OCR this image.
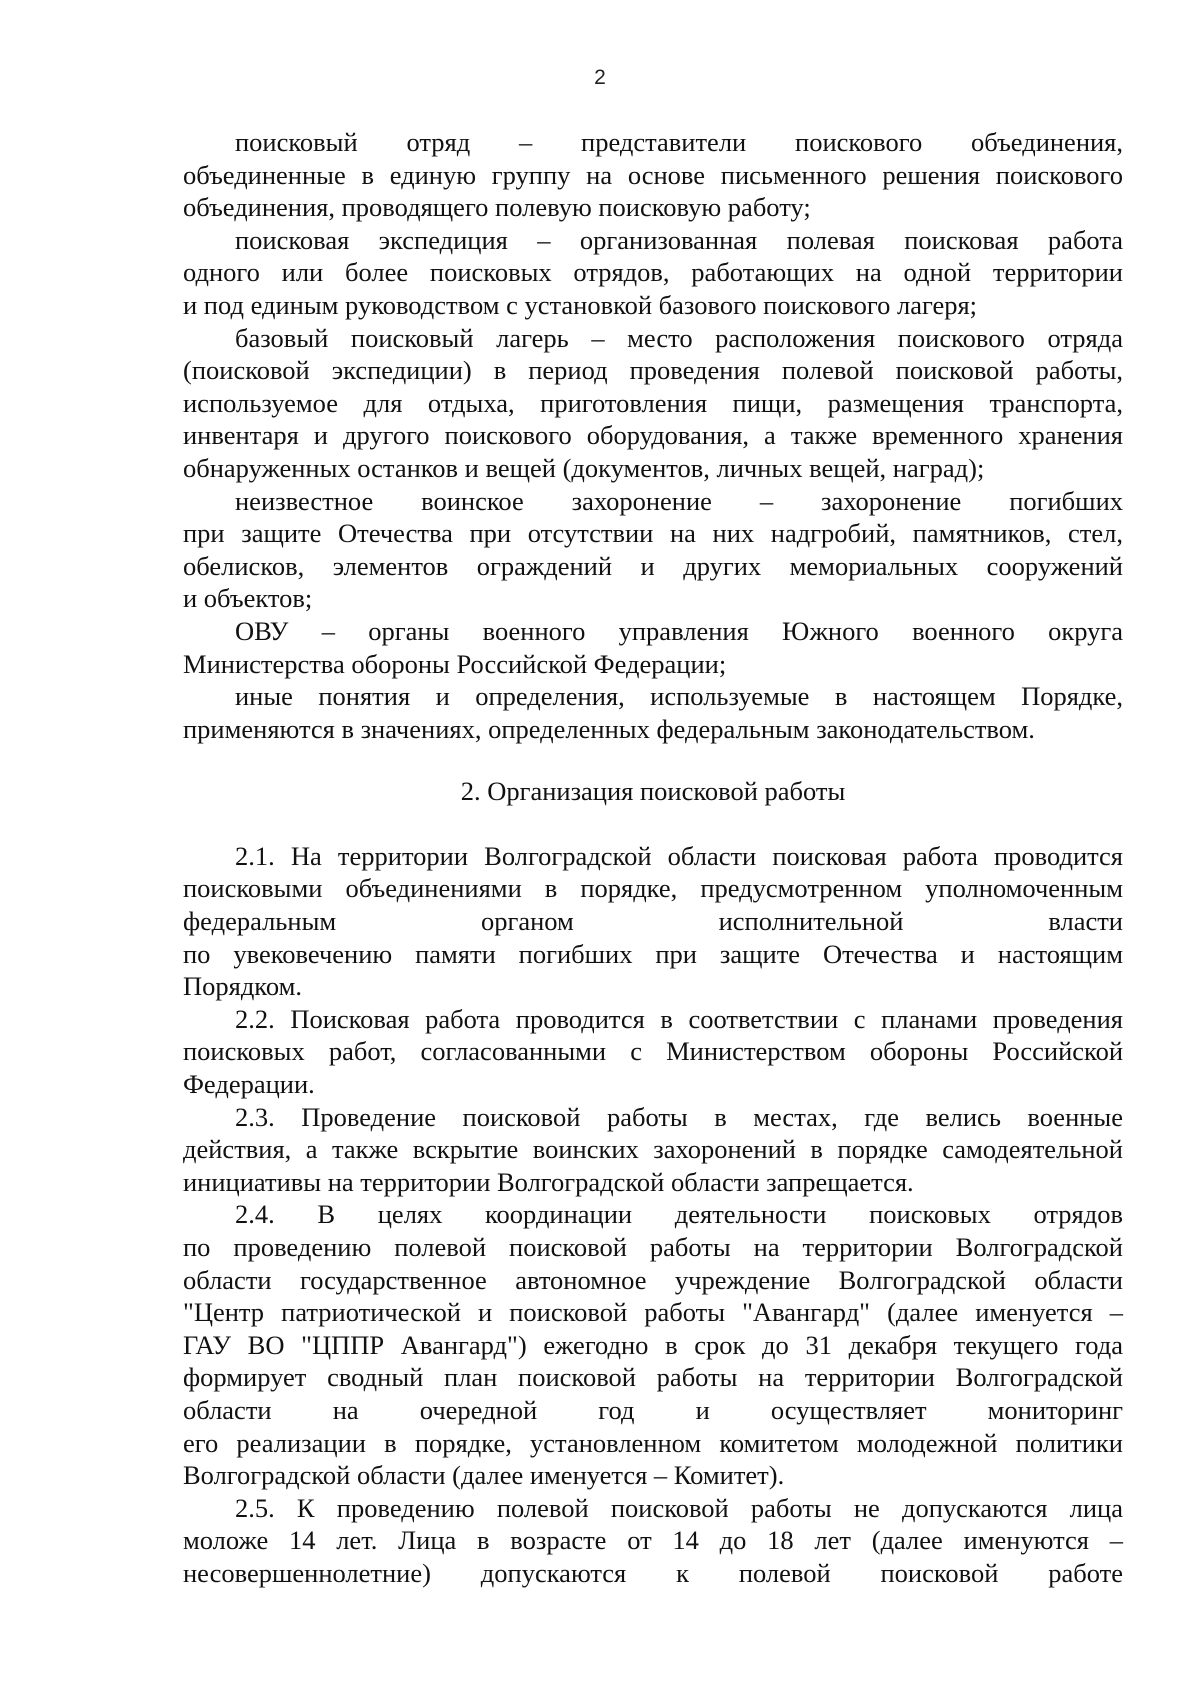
2
поисковый отряд – представители поискового объединения,
объединенные в единую группу на основе письменного решения поискового
объединения, проводящего полевую поисковую работу;
поисковая экспедиция – организованная полевая поисковая работа
одного или более поисковых отрядов, работающих на одной территории
и под единым руководством с установкой базового поискового лагеря;
базовый поисковый лагерь – место расположения поискового отряда
(поисковой экспедиции) в период проведения полевой поисковой работы,
используемое для отдыха, приготовления пищи, размещения транспорта,
инвентаря и другого поискового оборудования, а также временного хранения
обнаруженных останков и вещей (документов, личных вещей, наград);
неизвестное воинское захоронение – захоронение погибших
при защите Отечества при отсутствии на них надгробий, памятников, стел,
обелисков, элементов ограждений и других мемориальных сооружений
и объектов;
ОВУ – органы военного управления Южного военного округа
Министерства обороны Российской Федерации;
иные понятия и определения, используемые в настоящем Порядке,
применяются в значениях, определенных федеральным законодательством.
2. Организация поисковой работы
2.1. На территории Волгоградской области поисковая работа проводится
поисковыми объединениями в порядке, предусмотренном уполномоченным
федеральным органом исполнительной власти
по увековечению памяти погибших при защите Отечества и настоящим
Порядком.
2.2. Поисковая работа проводится в соответствии с планами проведения
поисковых работ, согласованными с Министерством обороны Российской
Федерации.
2.3. Проведение поисковой работы в местах, где велись военные
действия, а также вскрытие воинских захоронений в порядке самодеятельной
инициативы на территории Волгоградской области запрещается.
2.4. В целях координации деятельности поисковых отрядов
по проведению полевой поисковой работы на территории Волгоградской
области государственное автономное учреждение Волгоградской области
"Центр патриотической и поисковой работы "Авангард" (далее именуется –
ГАУ ВО "ЦППР Авангард") ежегодно в срок до 31 декабря текущего года
формирует сводный план поисковой работы на территории Волгоградской
области на очередной год и осуществляет мониторинг
его реализации в порядке, установленном комитетом молодежной политики
Волгоградской области (далее именуется – Комитет).
2.5. К проведению полевой поисковой работы не допускаются лица
моложе 14 лет. Лица в возрасте от 14 до 18 лет (далее именуются –
несовершеннолетние) допускаются к полевой поисковой работе
